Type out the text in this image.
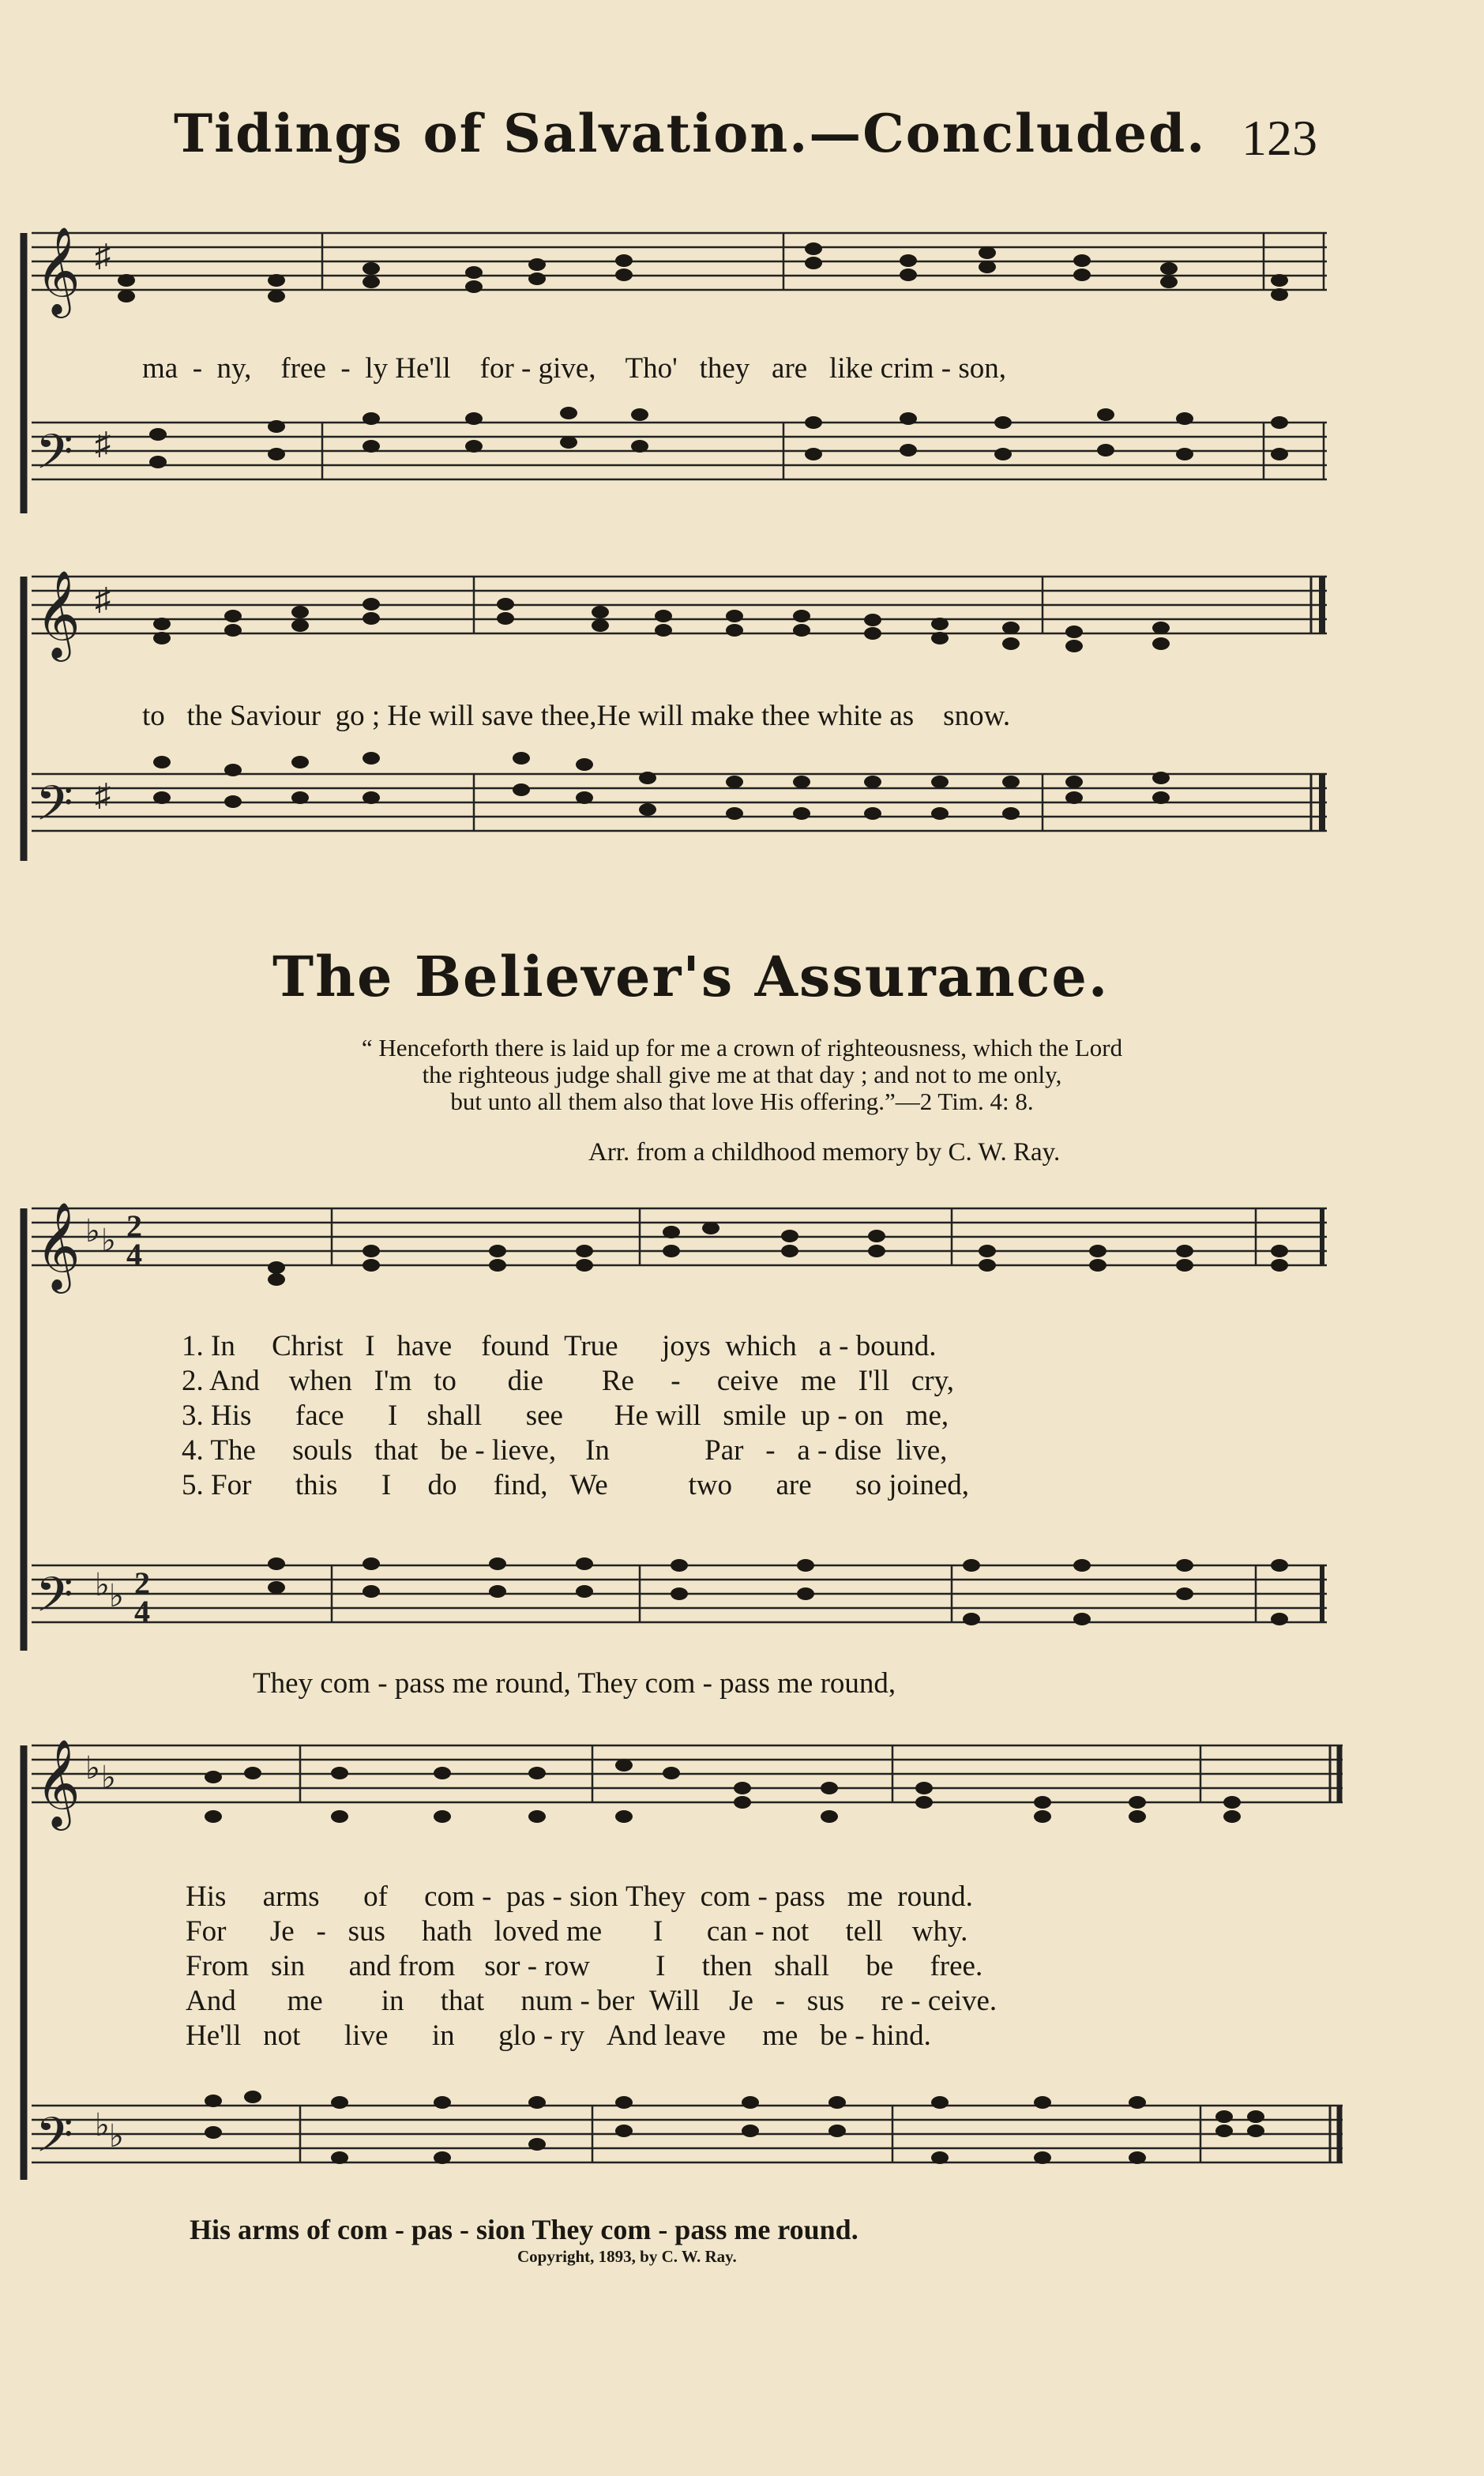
Tidings of Salvation.—Concluded. 123
𝄞 ♯
𝄢 ♯
ma - ny, free - ly He'll for - give, Tho' they are like crim - son,
𝄞 ♯
𝄢 ♯
to the Saviour go ; He will save thee,He will make thee white as snow.
The Believer's Assurance.
“ Henceforth there is laid up for me a crown of righteousness, which the Lord
the righteous judge shall give me at that day ; and not to me only,
but unto all them also that love His offering.”—2 Tim. 4: 8.
Arr. from a childhood memory by C. W. Ray.
𝄞 ♭ ♭ 2
4
𝄢 ♭ ♭ 2
4
1. In Christ I have found True joys which a - bound.
2. And when I'm to die Re - ceive me I'll cry,
3. His face I shall see He will smile up - on me,
4. The souls that be - lieve, In	Par - a - dise live,
5. For this I do find, We	two are so joined,
They com - pass me round, They com - pass me round,
𝄞 ♭ ♭
𝄢 ♭ ♭
His arms of com - pas - sion They com - pass me round.
For Je - sus hath loved me I can - not tell why.
From sin and from sor - row I then shall be free.
And me in that num - ber Will Je - sus re - ceive.
He'll not live in glo - ry And leave me be - hind.
His arms of com - pas - sion They com - pass me round.
Copyright, 1893, by C. W. Ray.
